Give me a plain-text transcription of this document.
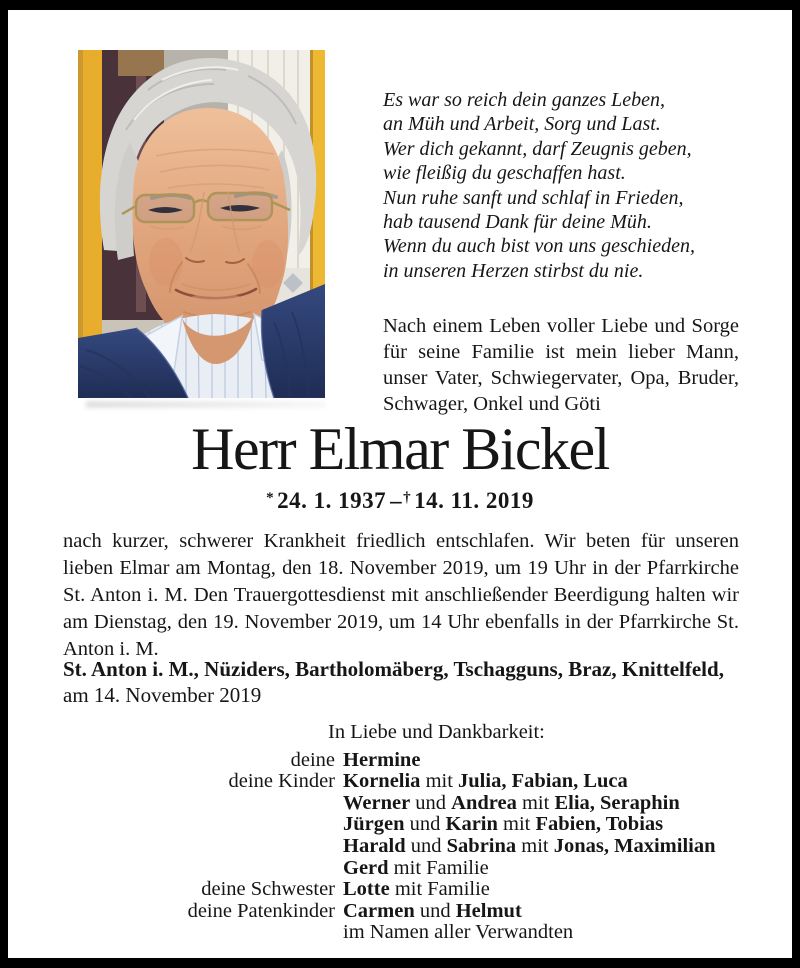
Es war so reich dein ganzes Leben,
an Müh und Arbeit, Sorg und Last.
Wer dich gekannt, darf Zeugnis geben,
wie fleißig du geschaffen hast.
Nun ruhe sanft und schlaf in Frieden,
hab tausend Dank für deine Müh.
Wenn du auch bist von uns geschieden,
in unseren Herzen stirbst du nie.
Nach einem Leben voller Liebe und Sorge für seine Familie ist mein lieber Mann, unser Vater, Schwiegervater, Opa, Bruder, Schwager, Onkel und Göti
Herr Elmar Bickel
* 24. 1. 1937 –† 14. 11. 2019
nach kurzer, schwerer Krankheit friedlich entschlafen. Wir beten für unseren lieben Elmar am Montag, den 18. November 2019, um 19 Uhr in der Pfarrkirche St. Anton i. M. Den Trauergottesdienst mit anschließender Beerdigung halten wir am Dienstag, den 19. November 2019, um 14 Uhr ebenfalls in der Pfarrkirche St. Anton i. M.
St. Anton i. M., Nüziders, Bartholomäberg, Tschagguns, Braz, Knittelfeld, am 14. November 2019
In Liebe und Dankbarkeit:
deine Hermine
deine Kinder Kornelia mit Julia, Fabian, Luca
Werner und Andrea mit Elia, Seraphin
Jürgen und Karin mit Fabien, Tobias
Harald und Sabrina mit Jonas, Maximilian
Gerd mit Familie
deine Schwester Lotte mit Familie
deine Patenkinder Carmen und Helmut
im Namen aller Verwandten
